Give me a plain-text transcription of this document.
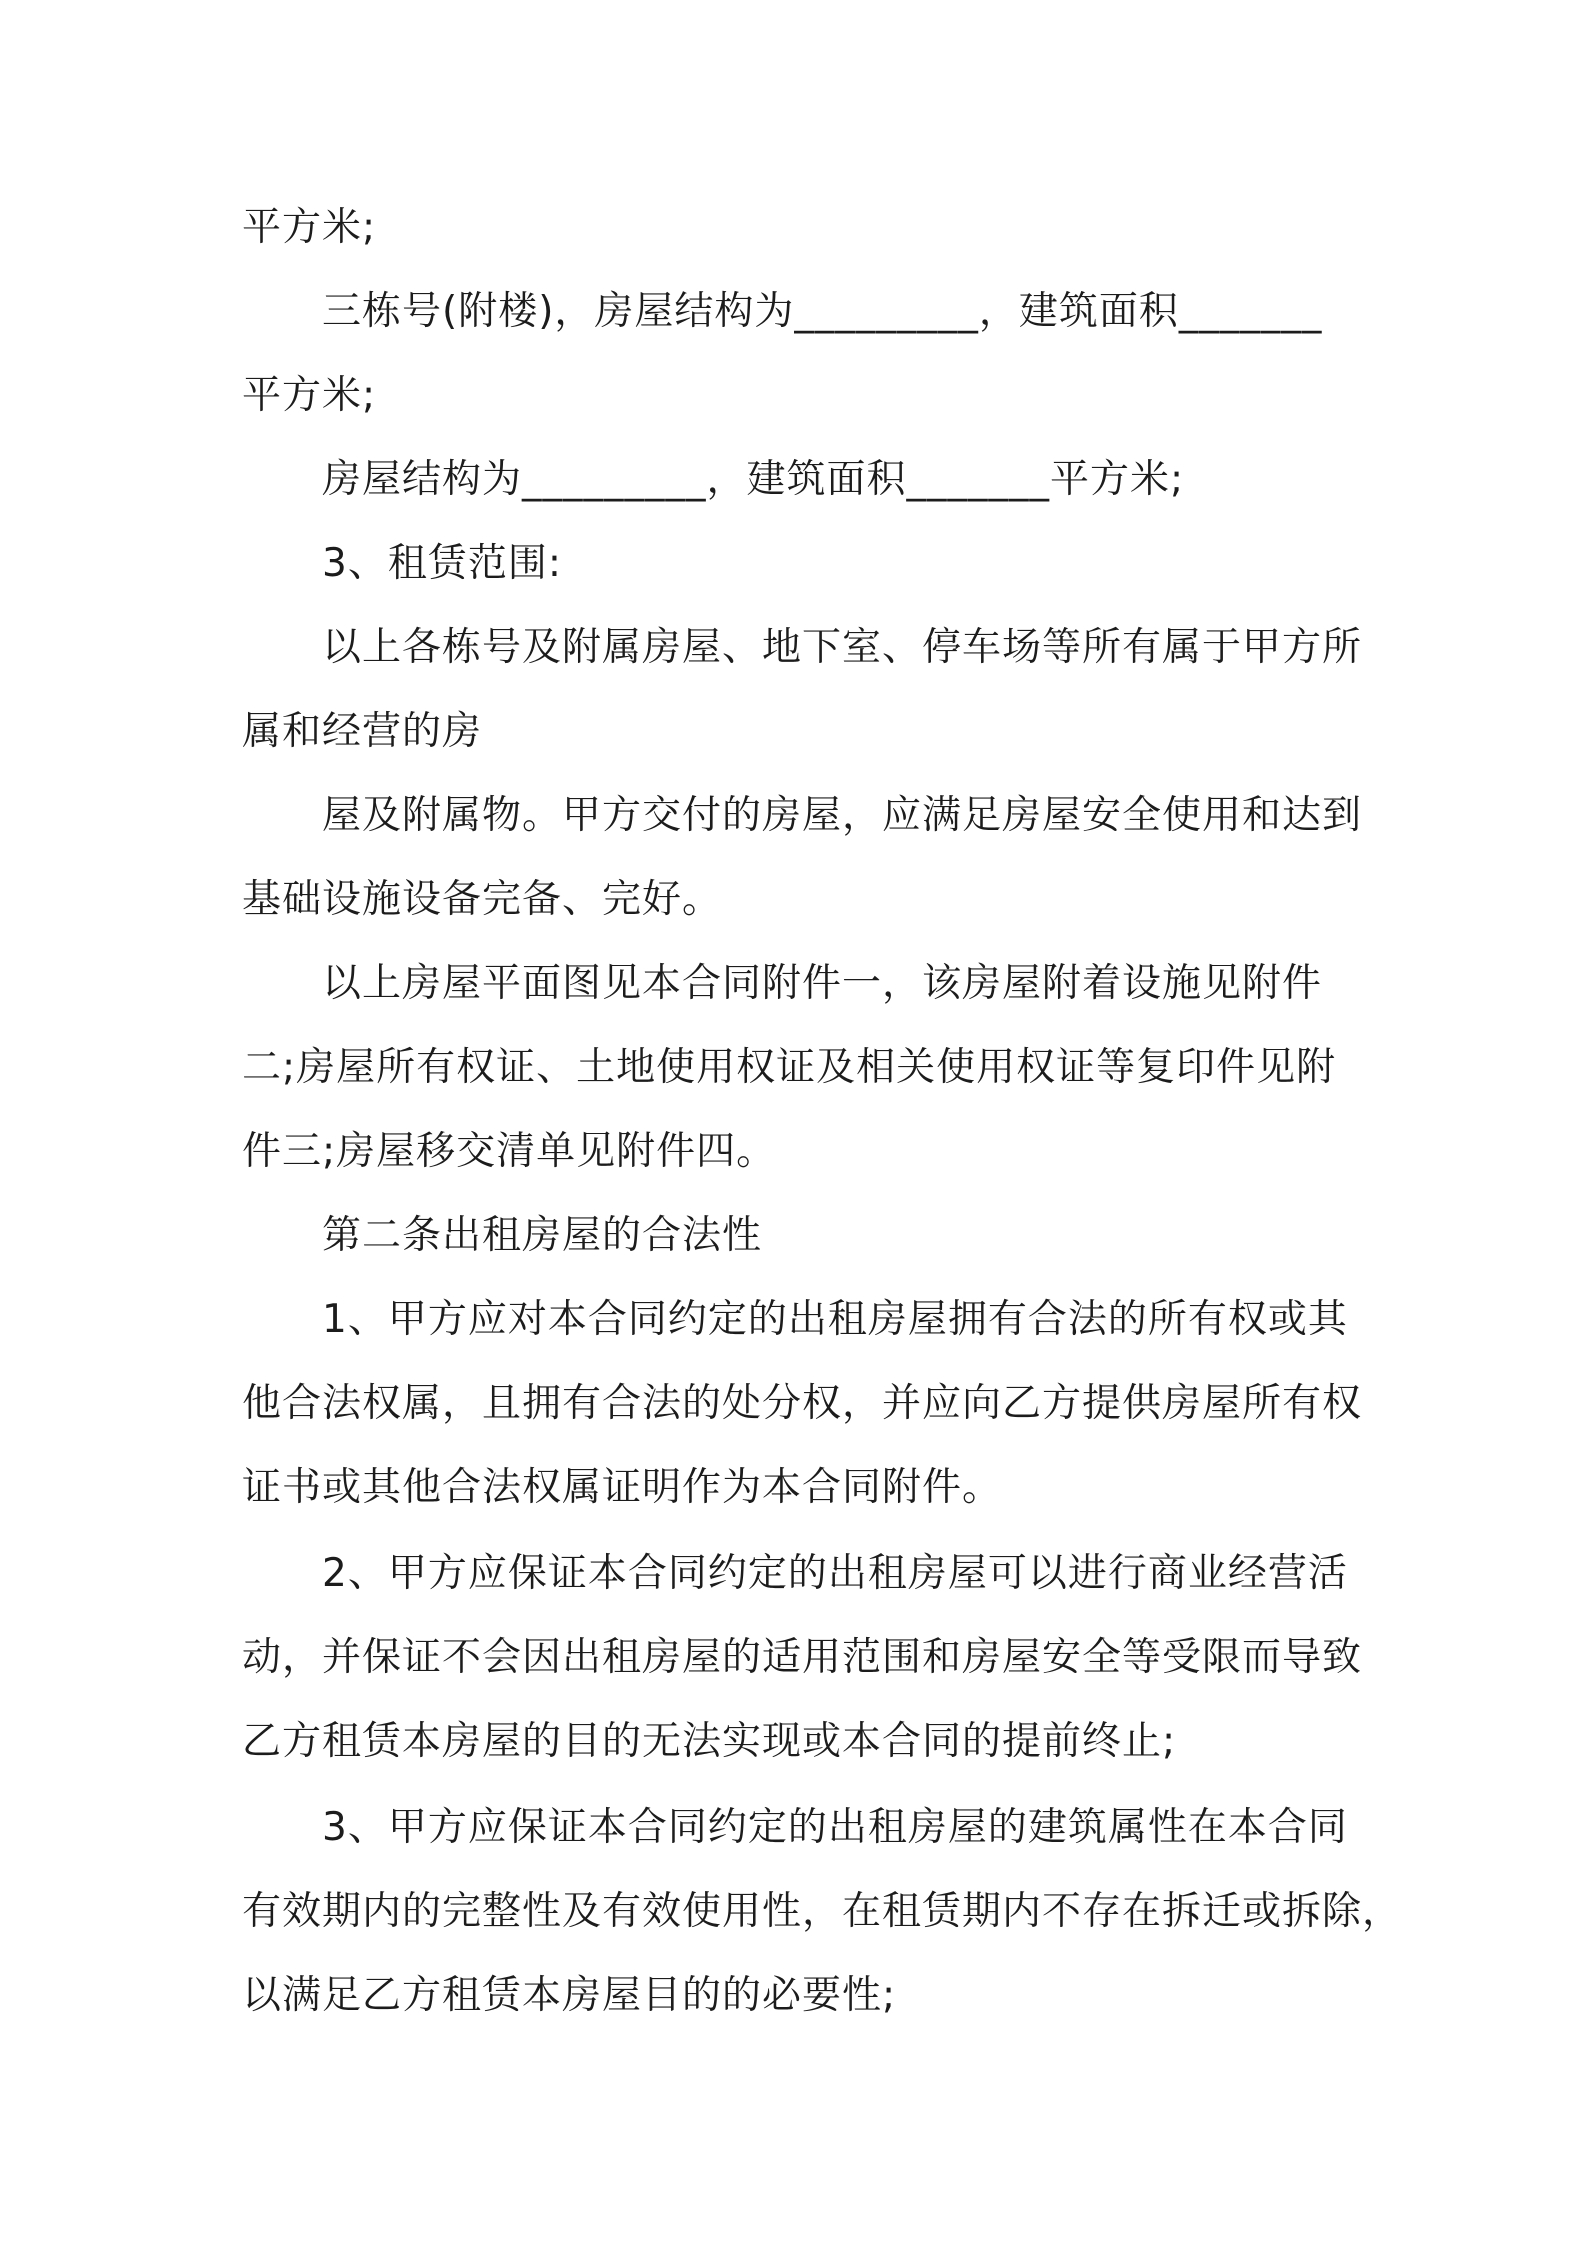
平方米;
三栋号(附楼)，房屋结构为_________，建筑面积_______
平方米;
房屋结构为_________，建筑面积_______平方米;
3、租赁范围:
以上各栋号及附属房屋、地下室、停车场等所有属于甲方所
属和经营的房
屋及附属物。甲方交付的房屋，应满足房屋安全使用和达到
基础设施设备完备、完好。
以上房屋平面图见本合同附件一，该房屋附着设施见附件
二;房屋所有权证、土地使用权证及相关使用权证等复印件见附
件三;房屋移交清单见附件四。
第二条出租房屋的合法性
1、甲方应对本合同约定的出租房屋拥有合法的所有权或其
他合法权属，且拥有合法的处分权，并应向乙方提供房屋所有权
证书或其他合法权属证明作为本合同附件。
2、甲方应保证本合同约定的出租房屋可以进行商业经营活
动，并保证不会因出租房屋的适用范围和房屋安全等受限而导致
乙方租赁本房屋的目的无法实现或本合同的提前终止;
3、甲方应保证本合同约定的出租房屋的建筑属性在本合同
有效期内的完整性及有效使用性，在租赁期内不存在拆迁或拆除，
以满足乙方租赁本房屋目的的必要性;
